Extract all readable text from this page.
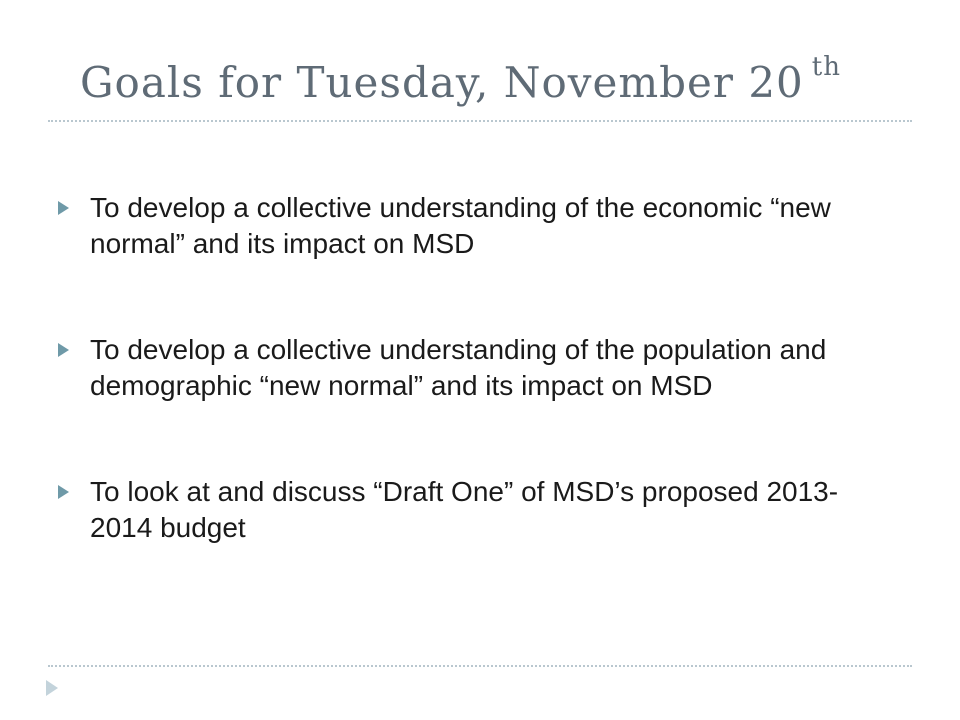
Goals for Tuesday, November 20 $^{th}$
To develop a collective understanding of the economic “new normal” and its impact on MSD
To develop a collective understanding of the population and demographic “new normal” and its impact on MSD
To look at and discuss “Draft One” of MSD’s proposed 2013-2014 budget
